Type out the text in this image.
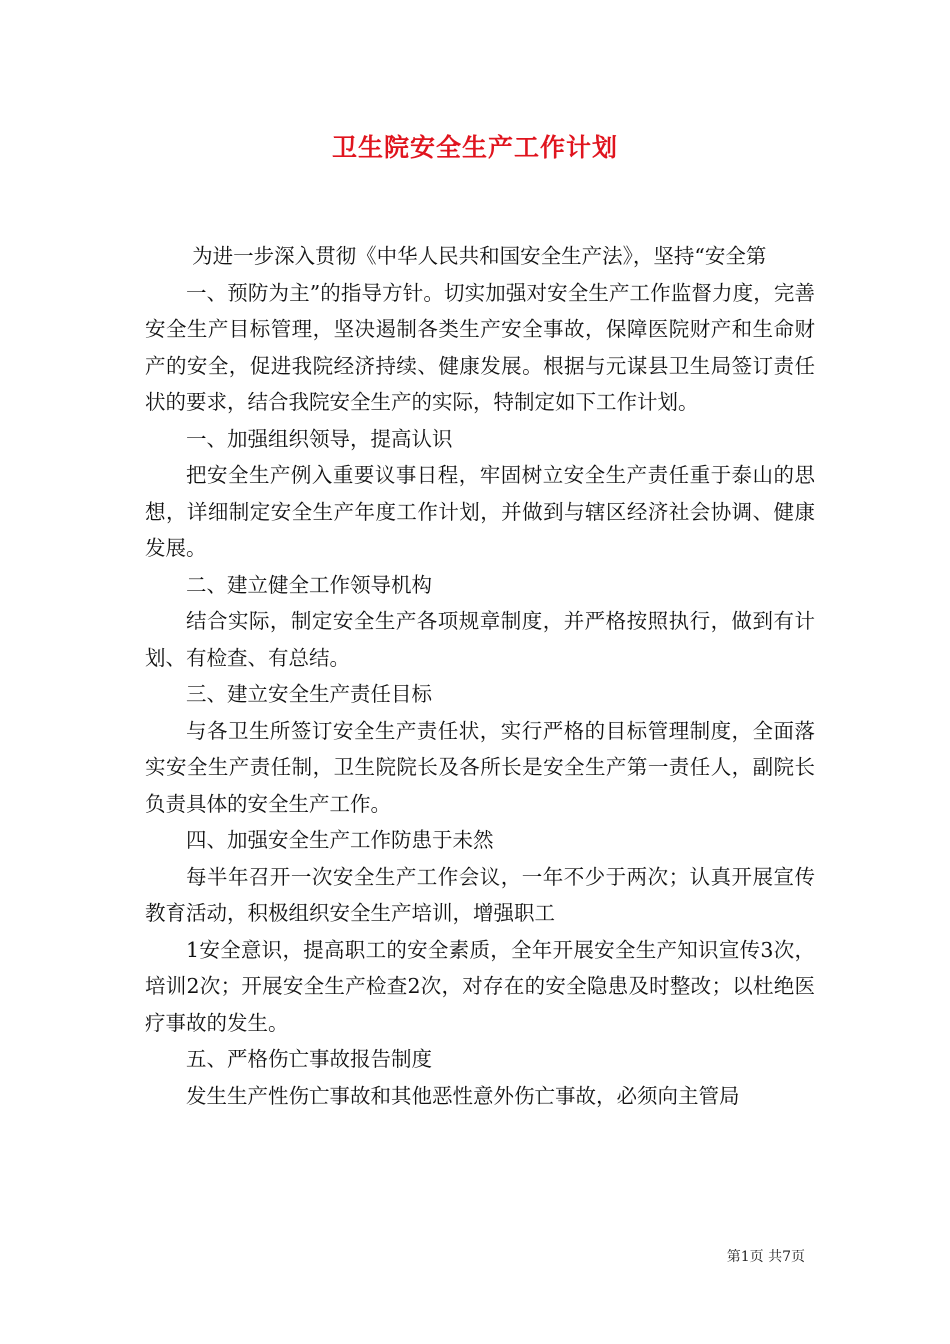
卫生院安全生产工作计划

为进一步深入贯彻《中华人民共和国安全生产法》，坚持“安全第

一、预防为主”的指导方针。切实加强对安全生产工作监督力度，完善安全生产目标管理，坚决遏制各类生产安全事故，保障医院财产和生命财产的安全，促进我院经济持续、健康发展。根据与元谋县卫生局签订责任状的要求，结合我院安全生产的实际，特制定如下工作计划。

一、加强组织领导，提高认识

把安全生产例入重要议事日程，牢固树立安全生产责任重于泰山的思想，详细制定安全生产年度工作计划，并做到与辖区经济社会协调、健康发展。

二、建立健全工作领导机构

结合实际，制定安全生产各项规章制度，并严格按照执行，做到有计划、有检查、有总结。

三、建立安全生产责任目标

与各卫生所签订安全生产责任状，实行严格的目标管理制度，全面落实安全生产责任制，卫生院院长及各所长是安全生产第一责任人，副院长负责具体的安全生产工作。

四、加强安全生产工作防患于未然

每半年召开一次安全生产工作会议，一年不少于两次；认真开展宣传教育活动，积极组织安全生产培训，增强职工

1安全意识，提高职工的安全素质，全年开展安全生产知识宣传3次，培训2次；开展安全生产检查2次，对存在的安全隐患及时整改；以杜绝医疗事故的发生。

五、严格伤亡事故报告制度

发生生产性伤亡事故和其他恶性意外伤亡事故，必须向主管局

第1页 共7页
